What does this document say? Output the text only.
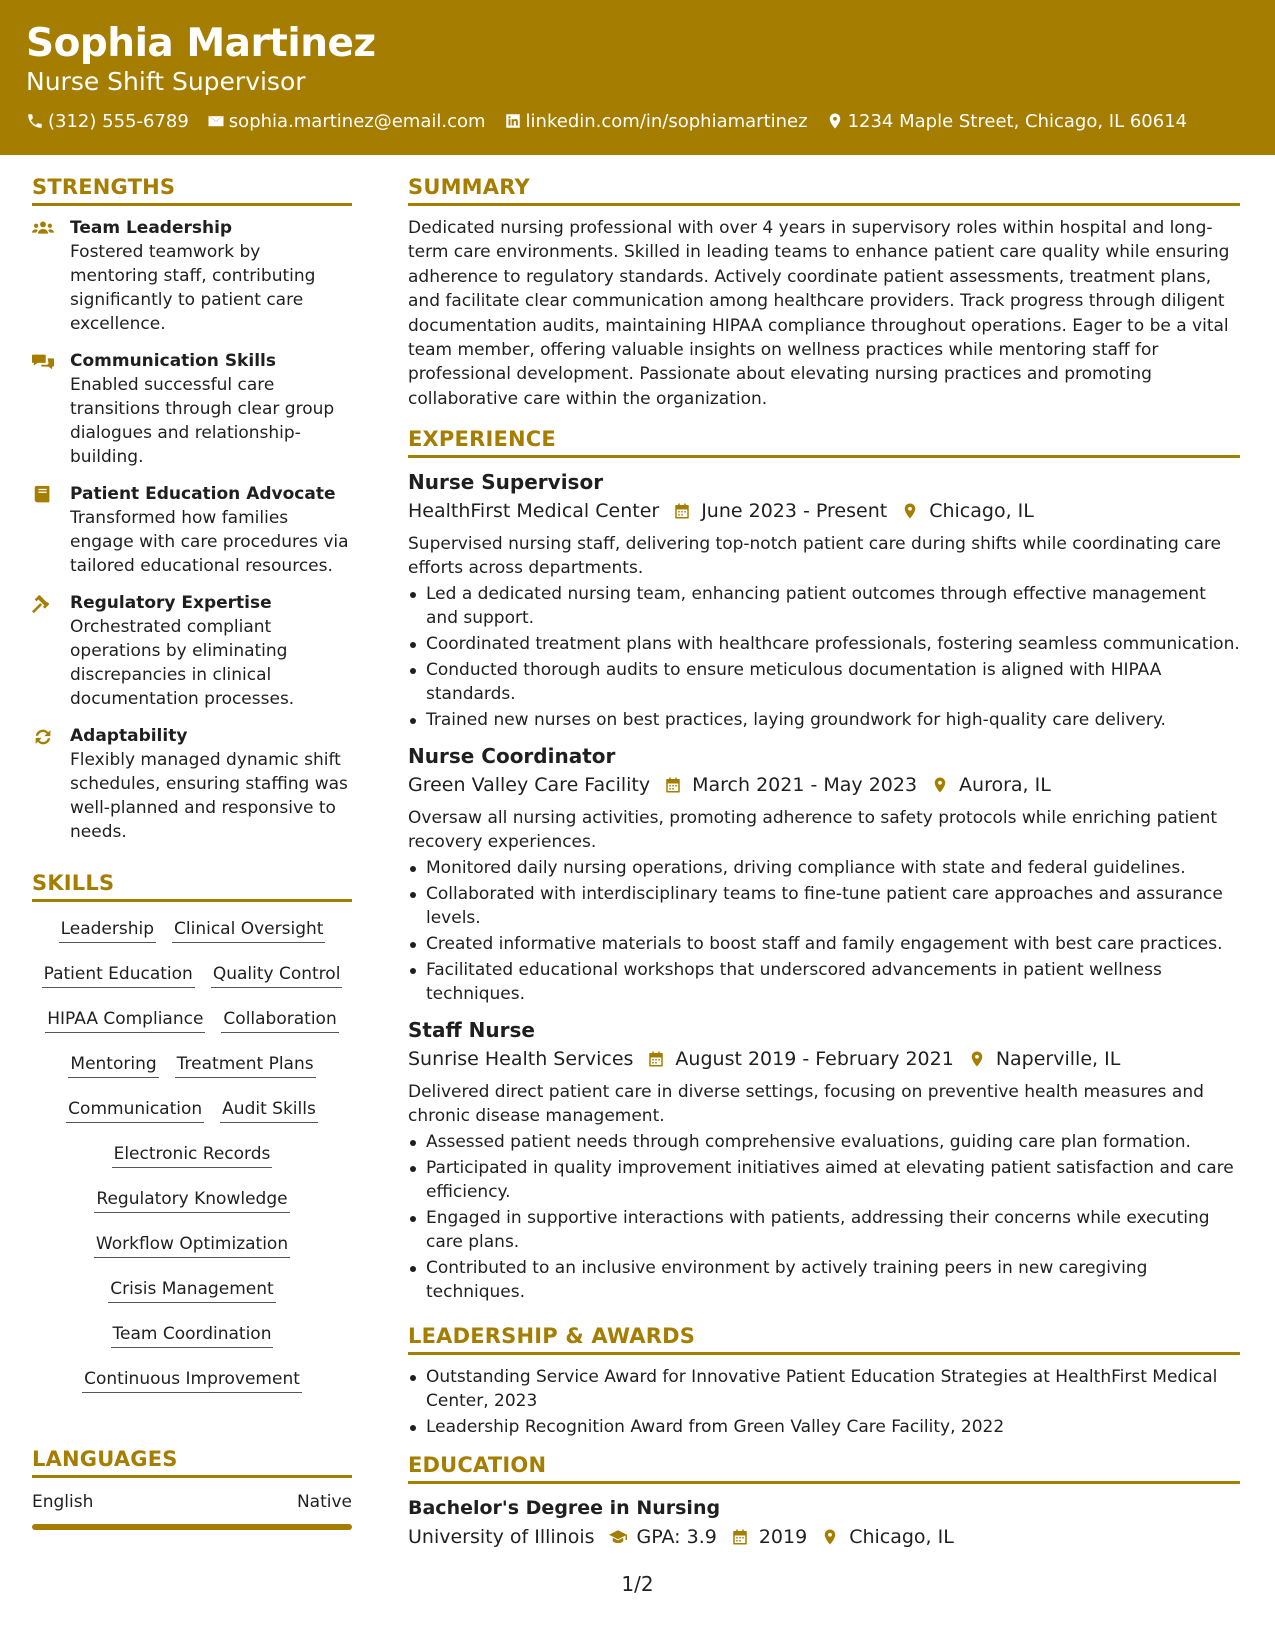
Sophia Martinez
Nurse Shift Supervisor
(312) 555-6789 sophia.martinez@email.com linkedin.com/in/sophiamartinez 1234 Maple Street, Chicago, IL 60614
STRENGTHS
Team Leadership
Fostered teamwork by mentoring staff, contributing significantly to patient care excellence.
Communication Skills
Enabled successful care transitions through clear group dialogues and relationship-building.
Patient Education Advocate
Transformed how families engage with care procedures via tailored educational resources.
Regulatory Expertise
Orchestrated compliant operations by eliminating discrepancies in clinical documentation processes.
Adaptability
Flexibly managed dynamic shift schedules, ensuring staffing was well-planned and responsive to needs.
SKILLS
Leadership Clinical Oversight
Patient Education Quality Control
HIPAA Compliance Collaboration
Mentoring Treatment Plans
Communication Audit Skills
Electronic Records
Regulatory Knowledge
Workflow Optimization
Crisis Management
Team Coordination
Continuous Improvement
LANGUAGES
English	Native
SUMMARY
Dedicated nursing professional with over 4 years in supervisory roles within hospital and long-term care environments. Skilled in leading teams to enhance patient care quality while ensuring adherence to regulatory standards. Actively coordinate patient assessments, treatment plans, and facilitate clear communication among healthcare providers. Track progress through diligent documentation audits, maintaining HIPAA compliance throughout operations. Eager to be a vital team member, offering valuable insights on wellness practices while mentoring staff for professional development. Passionate about elevating nursing practices and promoting collaborative care within the organization.
EXPERIENCE
Nurse Supervisor
HealthFirst Medical Center June 2023 - Present Chicago, IL
Supervised nursing staff, delivering top-notch patient care during shifts while coordinating care efforts across departments.
Led a dedicated nursing team, enhancing patient outcomes through effective management and support.
Coordinated treatment plans with healthcare professionals, fostering seamless communication.
Conducted thorough audits to ensure meticulous documentation is aligned with HIPAA standards.
Trained new nurses on best practices, laying groundwork for high-quality care delivery.
Nurse Coordinator
Green Valley Care Facility March 2021 - May 2023 Aurora, IL
Oversaw all nursing activities, promoting adherence to safety protocols while enriching patient recovery experiences.
Monitored daily nursing operations, driving compliance with state and federal guidelines.
Collaborated with interdisciplinary teams to fine-tune patient care approaches and assurance levels.
Created informative materials to boost staff and family engagement with best care practices.
Facilitated educational workshops that underscored advancements in patient wellness techniques.
Staff Nurse
Sunrise Health Services August 2019 - February 2021 Naperville, IL
Delivered direct patient care in diverse settings, focusing on preventive health measures and chronic disease management.
Assessed patient needs through comprehensive evaluations, guiding care plan formation.
Participated in quality improvement initiatives aimed at elevating patient satisfaction and care efficiency.
Engaged in supportive interactions with patients, addressing their concerns while executing care plans.
Contributed to an inclusive environment by actively training peers in new caregiving techniques.
LEADERSHIP & AWARDS
Outstanding Service Award for Innovative Patient Education Strategies at HealthFirst Medical Center, 2023
Leadership Recognition Award from Green Valley Care Facility, 2022
EDUCATION
Bachelor's Degree in Nursing
University of Illinois GPA: 3.9 2019 Chicago, IL
1/2
